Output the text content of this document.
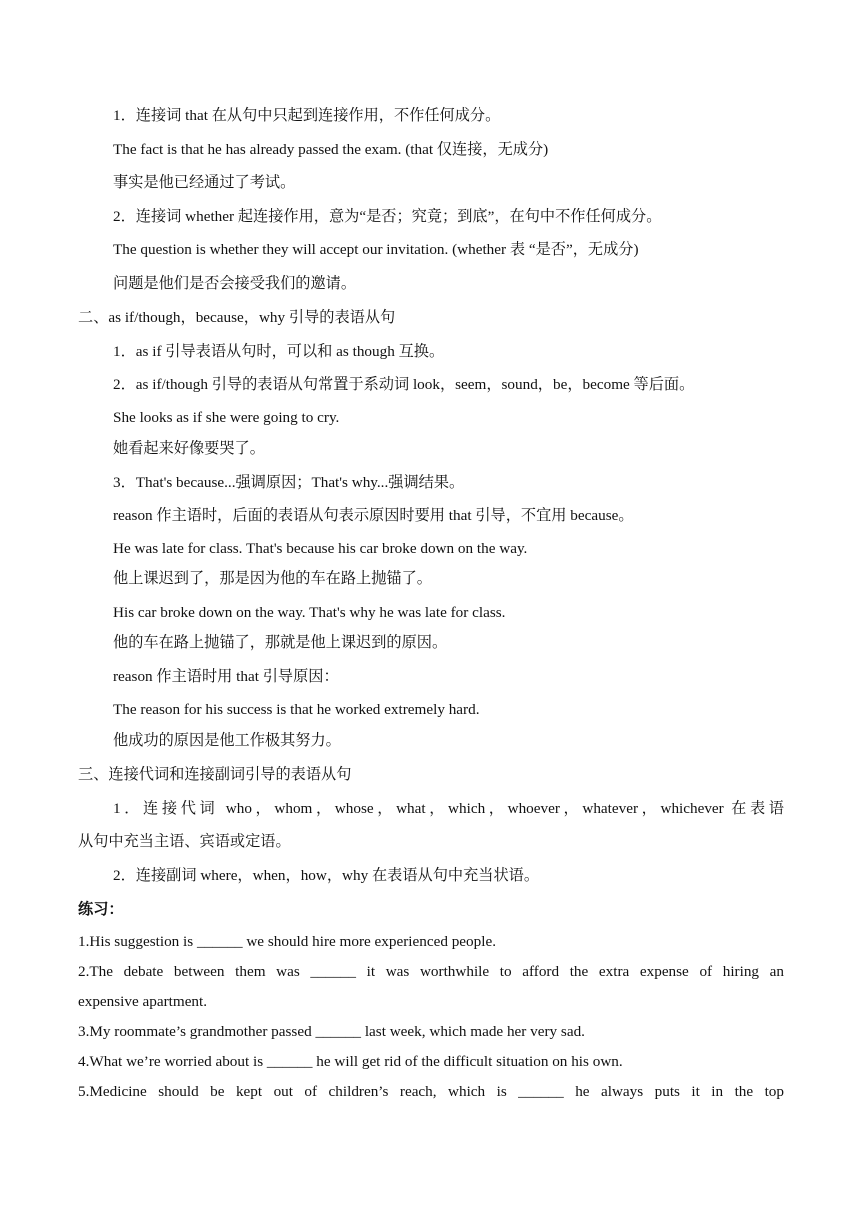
1．连接词 that 在从句中只起到连接作用，不作任何成分。
The fact is that he has already passed the exam. (that 仅连接，无成分)
事实是他已经通过了考试。
2．连接词 whether 起连接作用，意为“是否；究竟；到底”，在句中不作任何成分。
The question is whether they will accept our invitation. (whether 表 “是否”，无成分)
问题是他们是否会接受我们的邀请。
二、as if/though，because，why 引导的表语从句
1．as if 引导表语从句时，可以和 as though 互换。
2．as if/though 引导的表语从句常置于系动词 look，seem，sound，be，become 等后面。
She looks as if she were going to cry.
她看起来好像要哭了。
3．That's because...强调原因；That's why...强调结果。
reason 作主语时，后面的表语从句表示原因时要用 that 引导，不宜用 because。
He was late for class. That's because his car broke down on the way.
他上课迟到了，那是因为他的车在路上抛锚了。
His car broke down on the way. That's why he was late for class.
他的车在路上抛锚了，那就是他上课迟到的原因。
reason 作主语时用 that 引导原因：
The reason for his success is that he worked extremely hard.
他成功的原因是他工作极其努力。
三、连接代词和连接副词引导的表语从句
1．连接代词 who，whom，whose，what，which，whoever，whatever，whichever 在表语
从句中充当主语、宾语或定语。
2．连接副词 where，when，how，why 在表语从句中充当状语。
练习：
1.His suggestion is ______ we should hire more experienced people.
2.The debate between them was ______ it was worthwhile to afford the extra expense of hiring an
expensive apartment.
3.My roommate’s grandmother passed ______ last week, which made her very sad.
4.What we’re worried about is ______ he will get rid of the difficult situation on his own.
5.Medicine should be kept out of children’s reach, which is ______ he always puts it in the top
